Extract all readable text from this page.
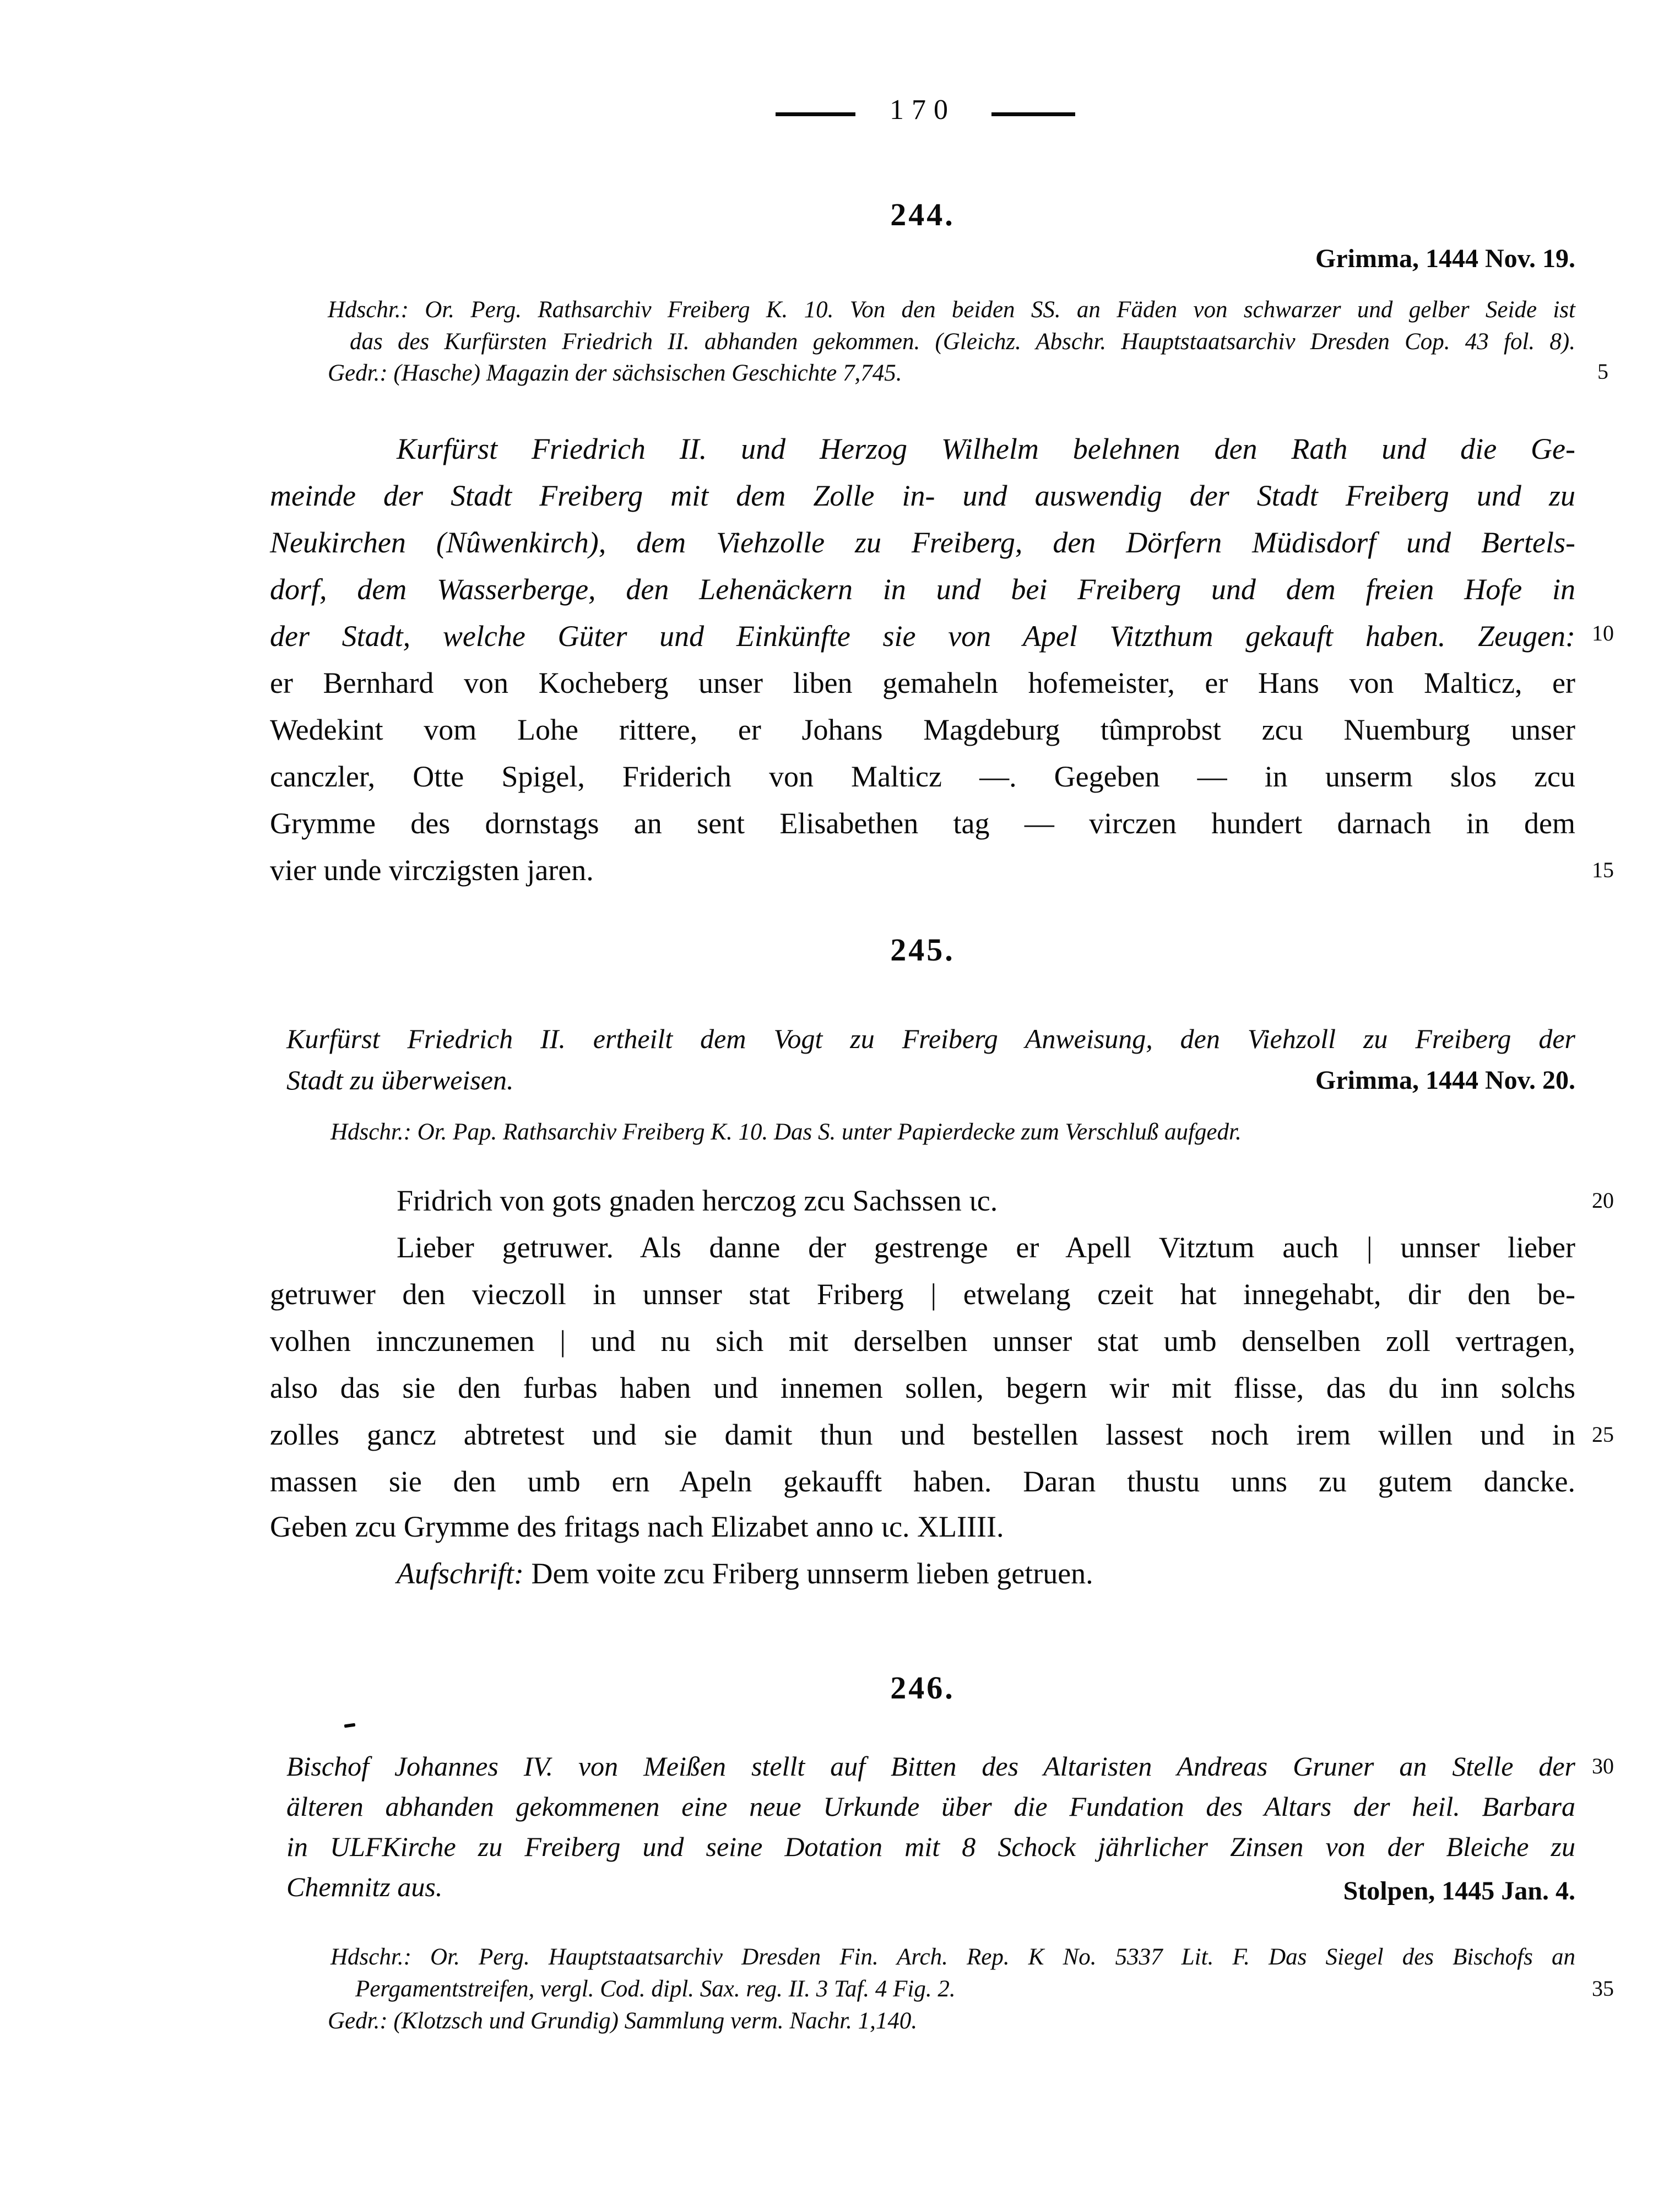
170
244.
Grimma, 1444 Nov. 19.
Hdschr.: Or. Perg. Rathsarchiv Freiberg K. 10. Von den beiden SS. an Fäden von schwarzer und gelber Seide ist
das des Kurfürsten Friedrich II. abhanden gekommen. (Gleichz. Abschr. Hauptstaatsarchiv Dresden Cop. 43 fol. 8).
Gedr.: (Hasche) Magazin der sächsischen Geschichte 7,745.
Kurfürst Friedrich II. und Herzog Wilhelm belehnen den Rath und die Ge-
meinde der Stadt Freiberg mit dem Zolle in- und auswendig der Stadt Freiberg und zu
Neukirchen (Nûwenkirch), dem Viehzolle zu Freiberg, den Dörfern Müdisdorf und Bertels-
dorf, dem Wasserberge, den Lehenäckern in und bei Freiberg und dem freien Hofe in
der Stadt, welche Güter und Einkünfte sie von Apel Vitzthum gekauft haben. Zeugen:
er Bernhard von Kocheberg unser liben gemaheln hofemeister, er Hans von Malticz, er
Wedekint vom Lohe rittere, er Johans Magdeburg tûmprobst zcu Nuemburg unser
canczler, Otte Spigel, Friderich von Malticz —. Gegeben — in unserm slos zcu
Grymme des dornstags an sent Elisabethen tag — virczen hundert darnach in dem
vier unde virczigsten jaren.
245.
Kurfürst Friedrich II. ertheilt dem Vogt zu Freiberg Anweisung, den Viehzoll zu Freiberg der
Stadt zu überweisen.	Grimma, 1444 Nov. 20.
Hdschr.: Or. Pap. Rathsarchiv Freiberg K. 10. Das S. unter Papierdecke zum Verschluß aufgedr.
Fridrich von gots gnaden herczog zcu Sachssen ɩc.
Lieber getruwer. Als danne der gestrenge er Apell Vitztum auch | unnser lieber
getruwer den vieczoll in unnser stat Friberg | etwelang czeit hat innegehabt, dir den be-
volhen innczunemen | und nu sich mit derselben unnser stat umb denselben zoll vertragen,
also das sie den furbas haben und innemen sollen, begern wir mit flisse, das du inn solchs
zolles gancz abtretest und sie damit thun und bestellen lassest noch irem willen und in
massen sie den umb ern Apeln gekaufft haben. Daran thustu unns zu gutem dancke.
Geben zcu Grymme des fritags nach Elizabet anno ɩc. XLIIII.
Aufschrift: Dem voite zcu Friberg unnserm lieben getruen.
246.
Bischof Johannes IV. von Meißen stellt auf Bitten des Altaristen Andreas Gruner an Stelle der
älteren abhanden gekommenen eine neue Urkunde über die Fundation des Altars der heil. Barbara
in ULFKirche zu Freiberg und seine Dotation mit 8 Schock jährlicher Zinsen von der Bleiche zu
Chemnitz aus.	Stolpen, 1445 Jan. 4.
Hdschr.: Or. Perg. Hauptstaatsarchiv Dresden Fin. Arch. Rep. K No. 5337 Lit. F. Das Siegel des Bischofs an
Pergamentstreifen, vergl. Cod. dipl. Sax. reg. II. 3 Taf. 4 Fig. 2.
Gedr.: (Klotzsch und Grundig) Sammlung verm. Nachr. 1,140.
5
10
15
20
25
30
35
